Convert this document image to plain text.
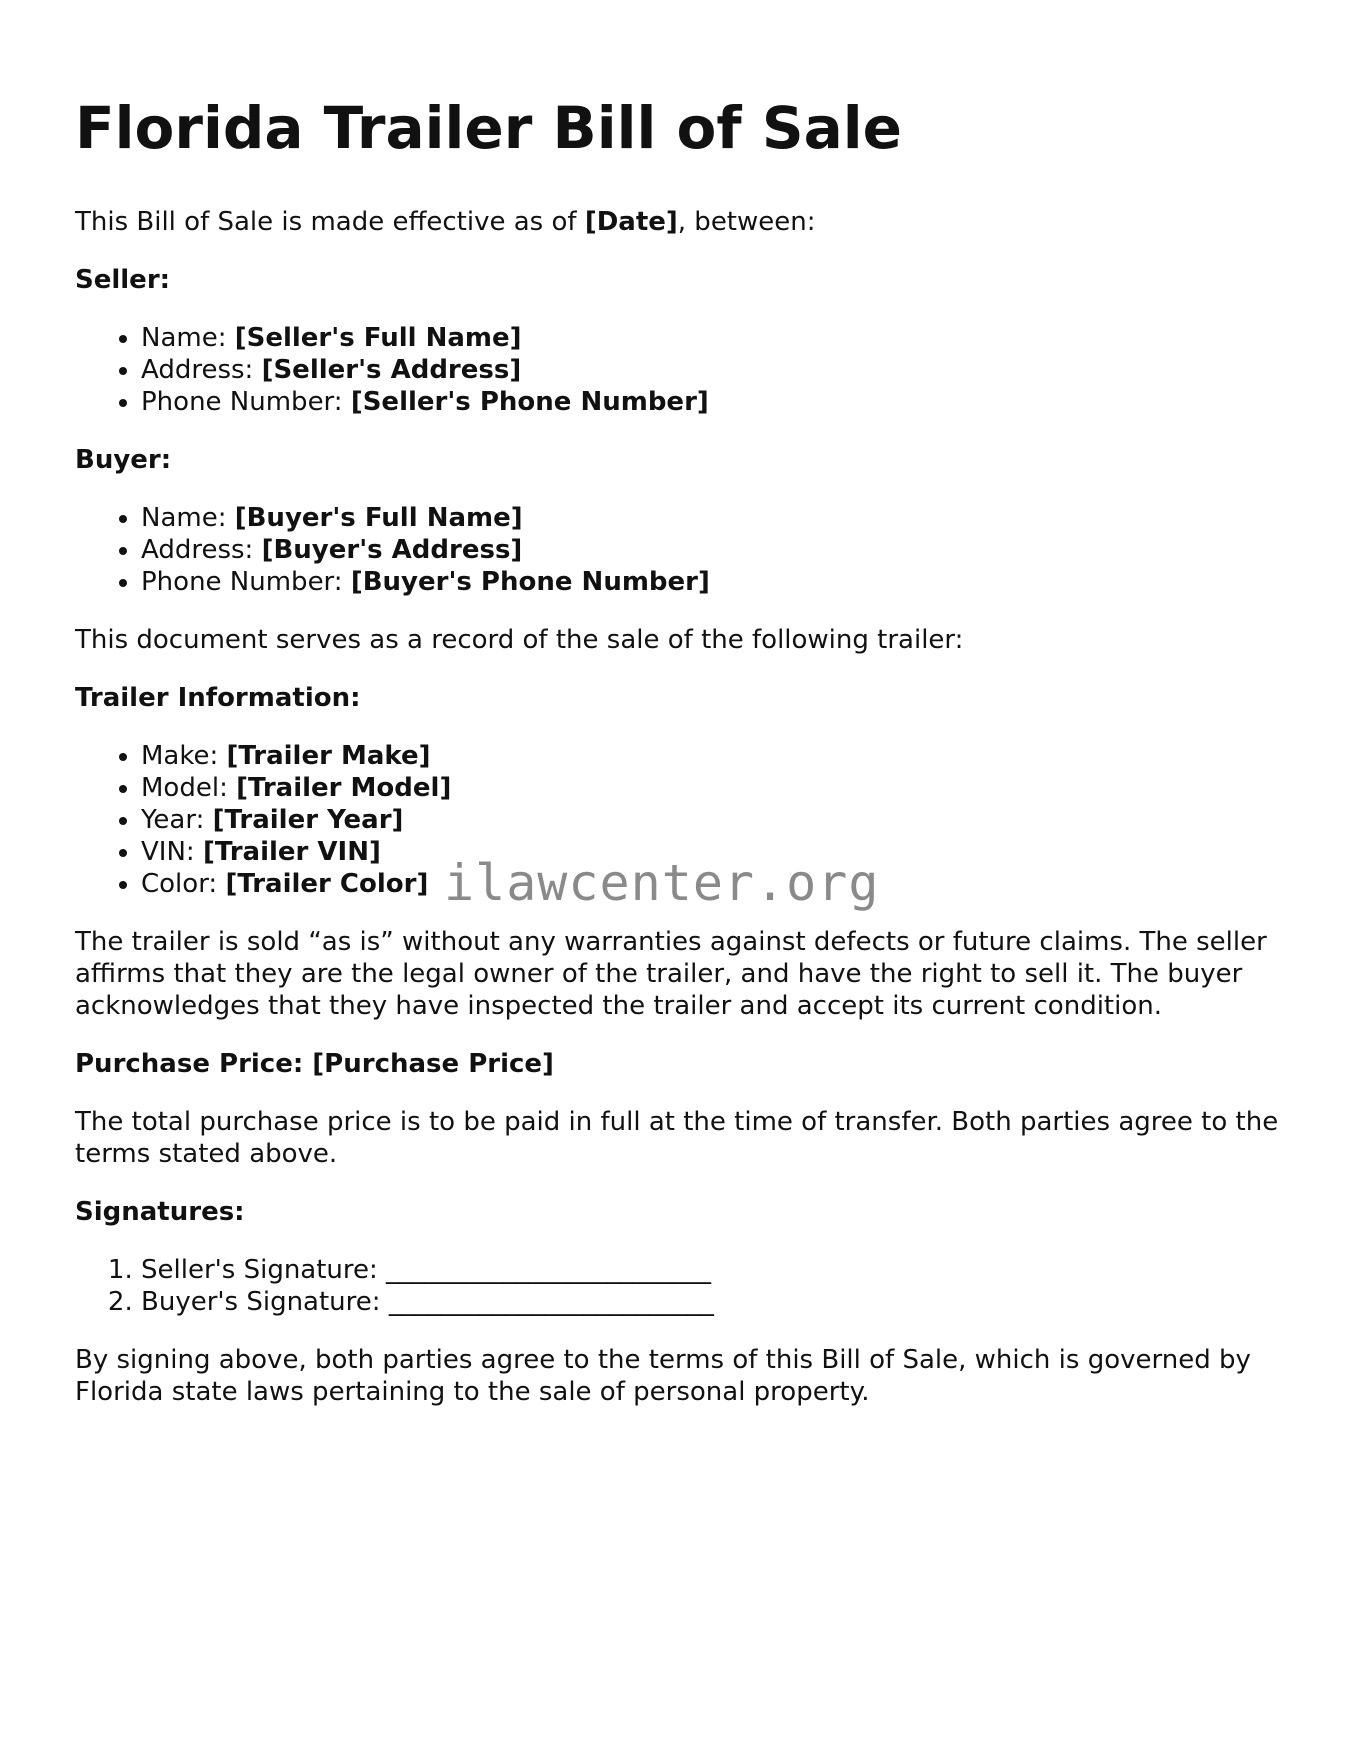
Florida Trailer Bill of Sale

This Bill of Sale is made effective as of [Date], between:

Seller:

• Name: [Seller's Full Name]
• Address: [Seller's Address]
• Phone Number: [Seller's Phone Number]

Buyer:

• Name: [Buyer's Full Name]
• Address: [Buyer's Address]
• Phone Number: [Buyer's Phone Number]

This document serves as a record of the sale of the following trailer:

Trailer Information:

• Make: [Trailer Make]
• Model: [Trailer Model]
• Year: [Trailer Year]
• VIN: [Trailer VIN]
• Color: [Trailer Color]

The trailer is sold “as is” without any warranties against defects or future claims. The seller affirms that they are the legal owner of the trailer, and have the right to sell it. The buyer acknowledges that they have inspected the trailer and accept its current condition.

Purchase Price: [Purchase Price]

The total purchase price is to be paid in full at the time of transfer. Both parties agree to the terms stated above.

Signatures:

1. Seller's Signature: _________________________
2. Buyer's Signature: _________________________

By signing above, both parties agree to the terms of this Bill of Sale, which is governed by Florida state laws pertaining to the sale of personal property.

ilawcenter.org
